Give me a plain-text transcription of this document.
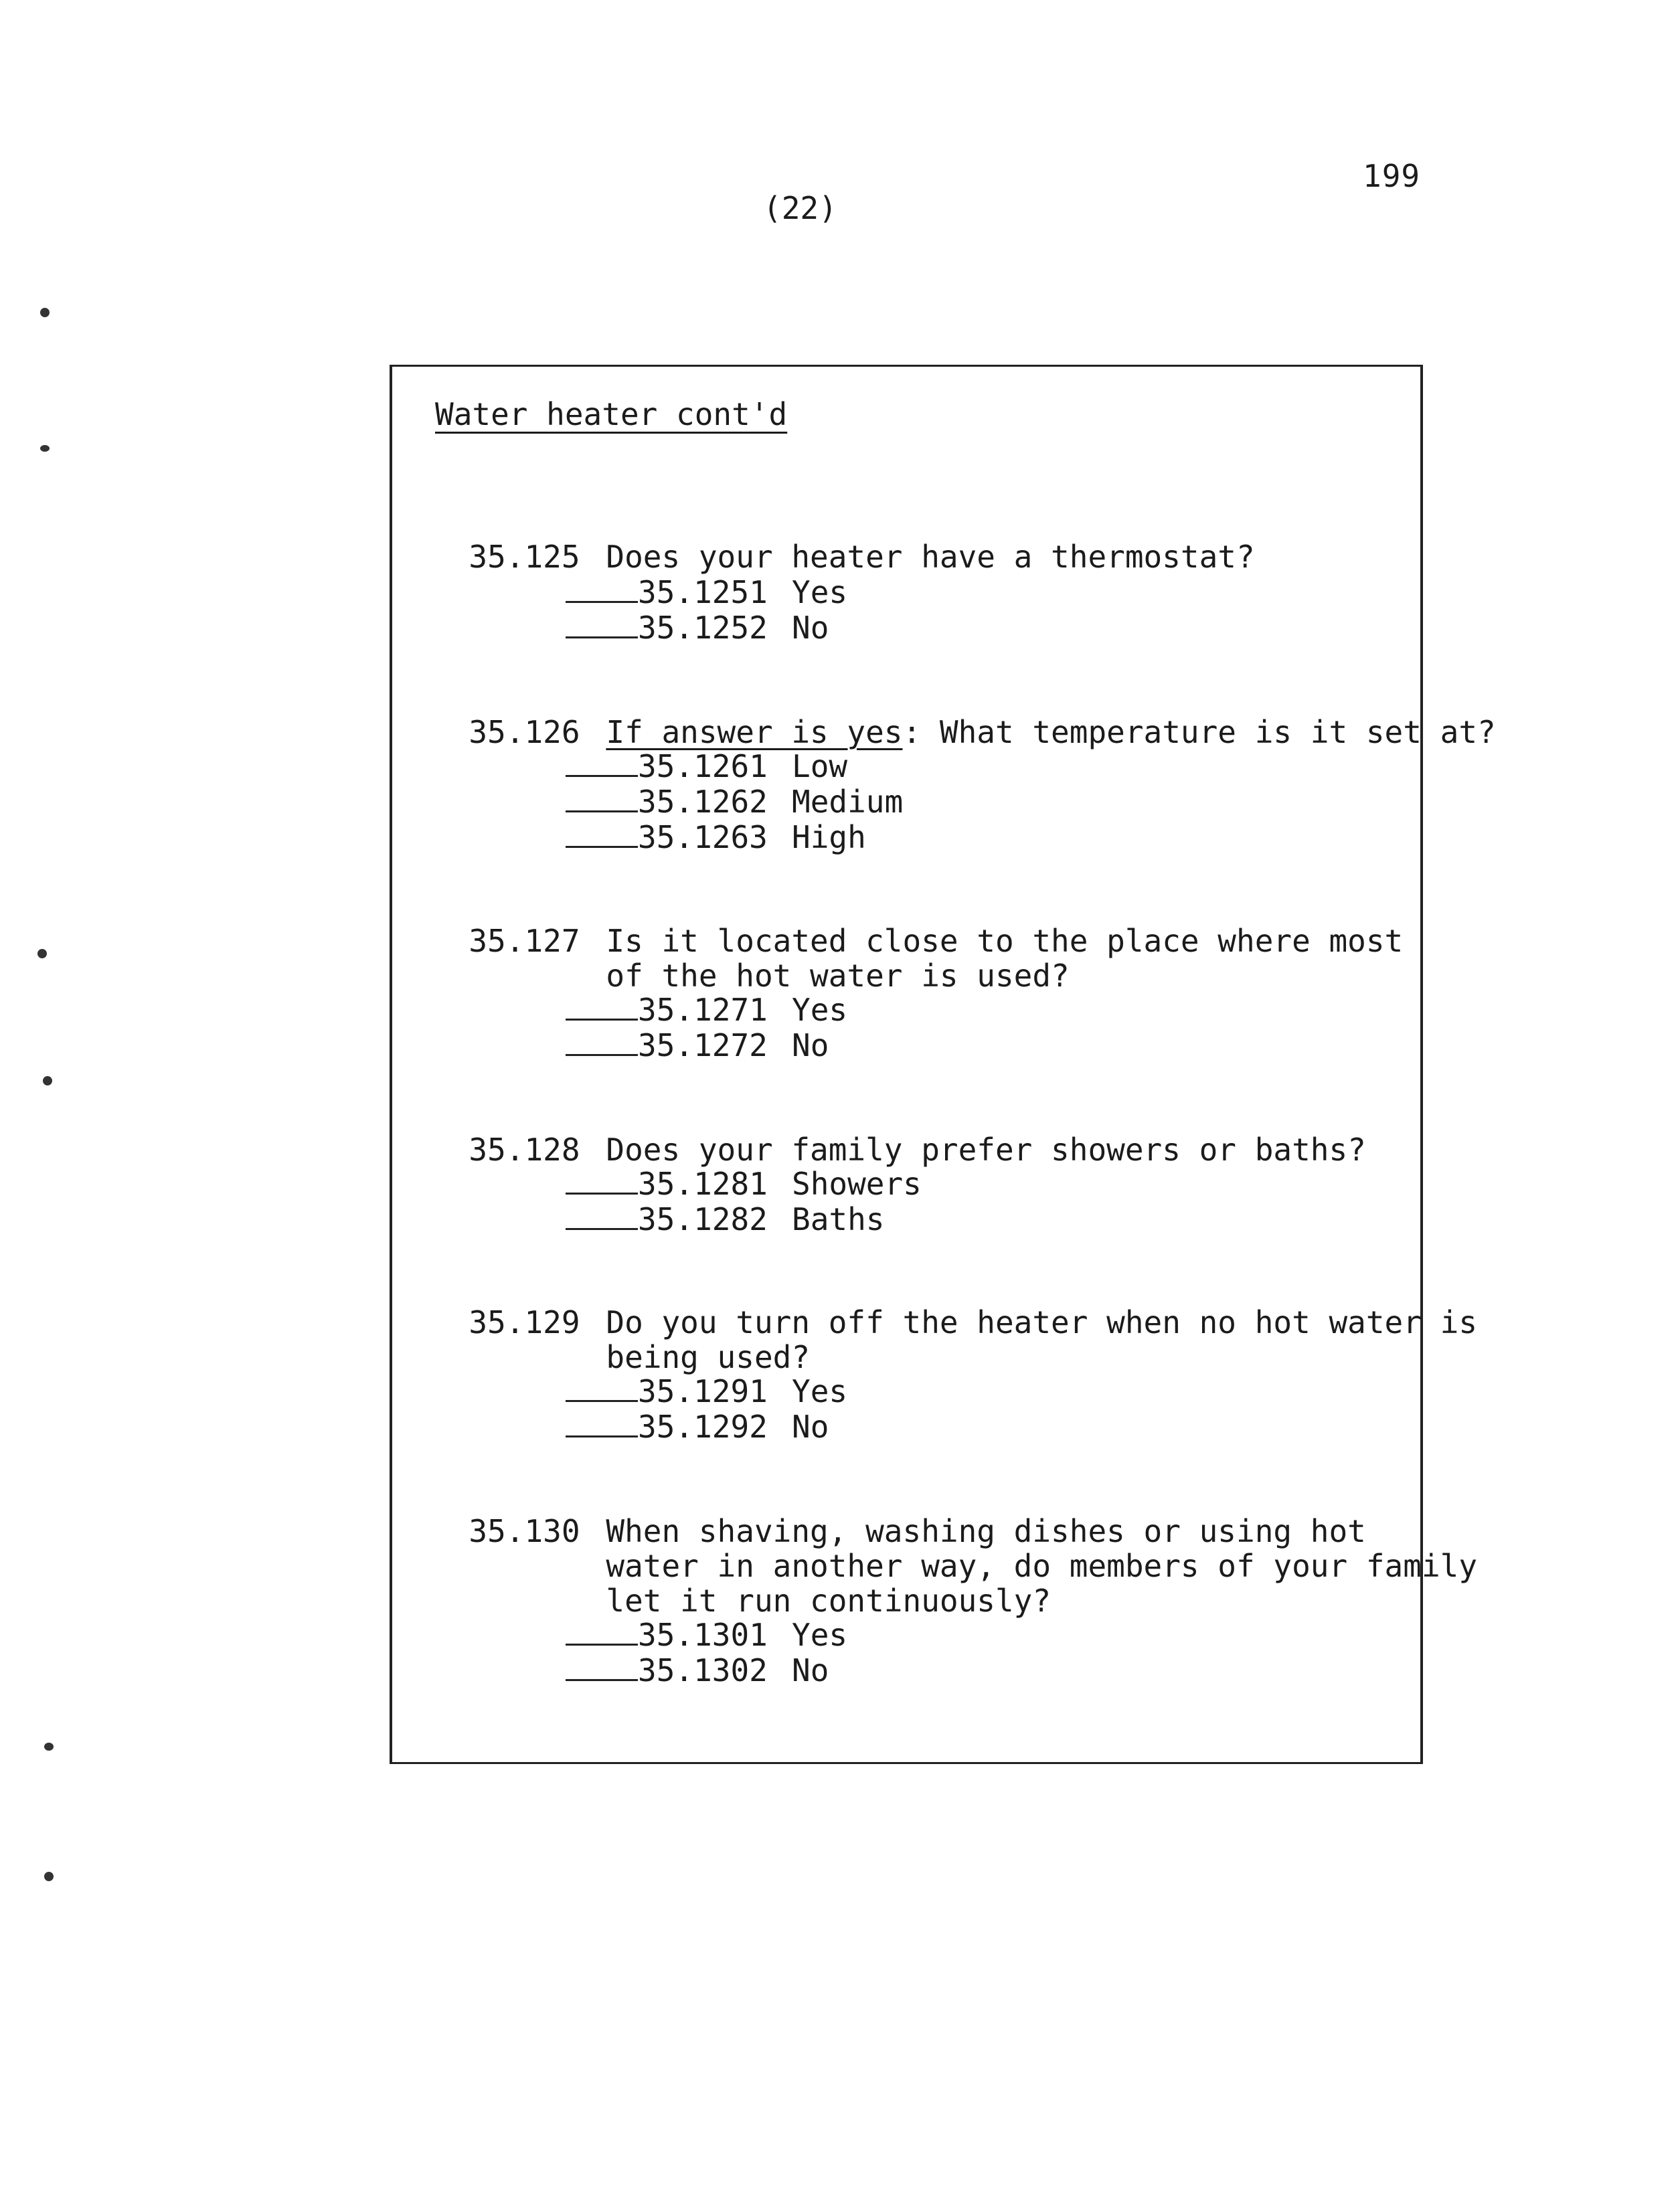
199
(22)
Water heater cont'd

35.125 Does your heater have a thermostat?

35.1251 Yes
35.1252 No

35.126 If answer is yes: What temperature is it set at?

35.1261 Low
35.1262 Medium
35.1263 High

35.127 Is it located close to the place where most
of the hot water is used?

35.1271 Yes
35.1272 No

35.128 Does your family prefer showers or baths?

35.1281 Showers
35.1282 Baths

35.129 Do you turn off the heater when no hot water is
being used?

35.1291 Yes
35.1292 No

35.130 When shaving, washing dishes or using hot
water in another way, do members of your family
let it run continuously?

35.1301 Yes
35.1302 No
